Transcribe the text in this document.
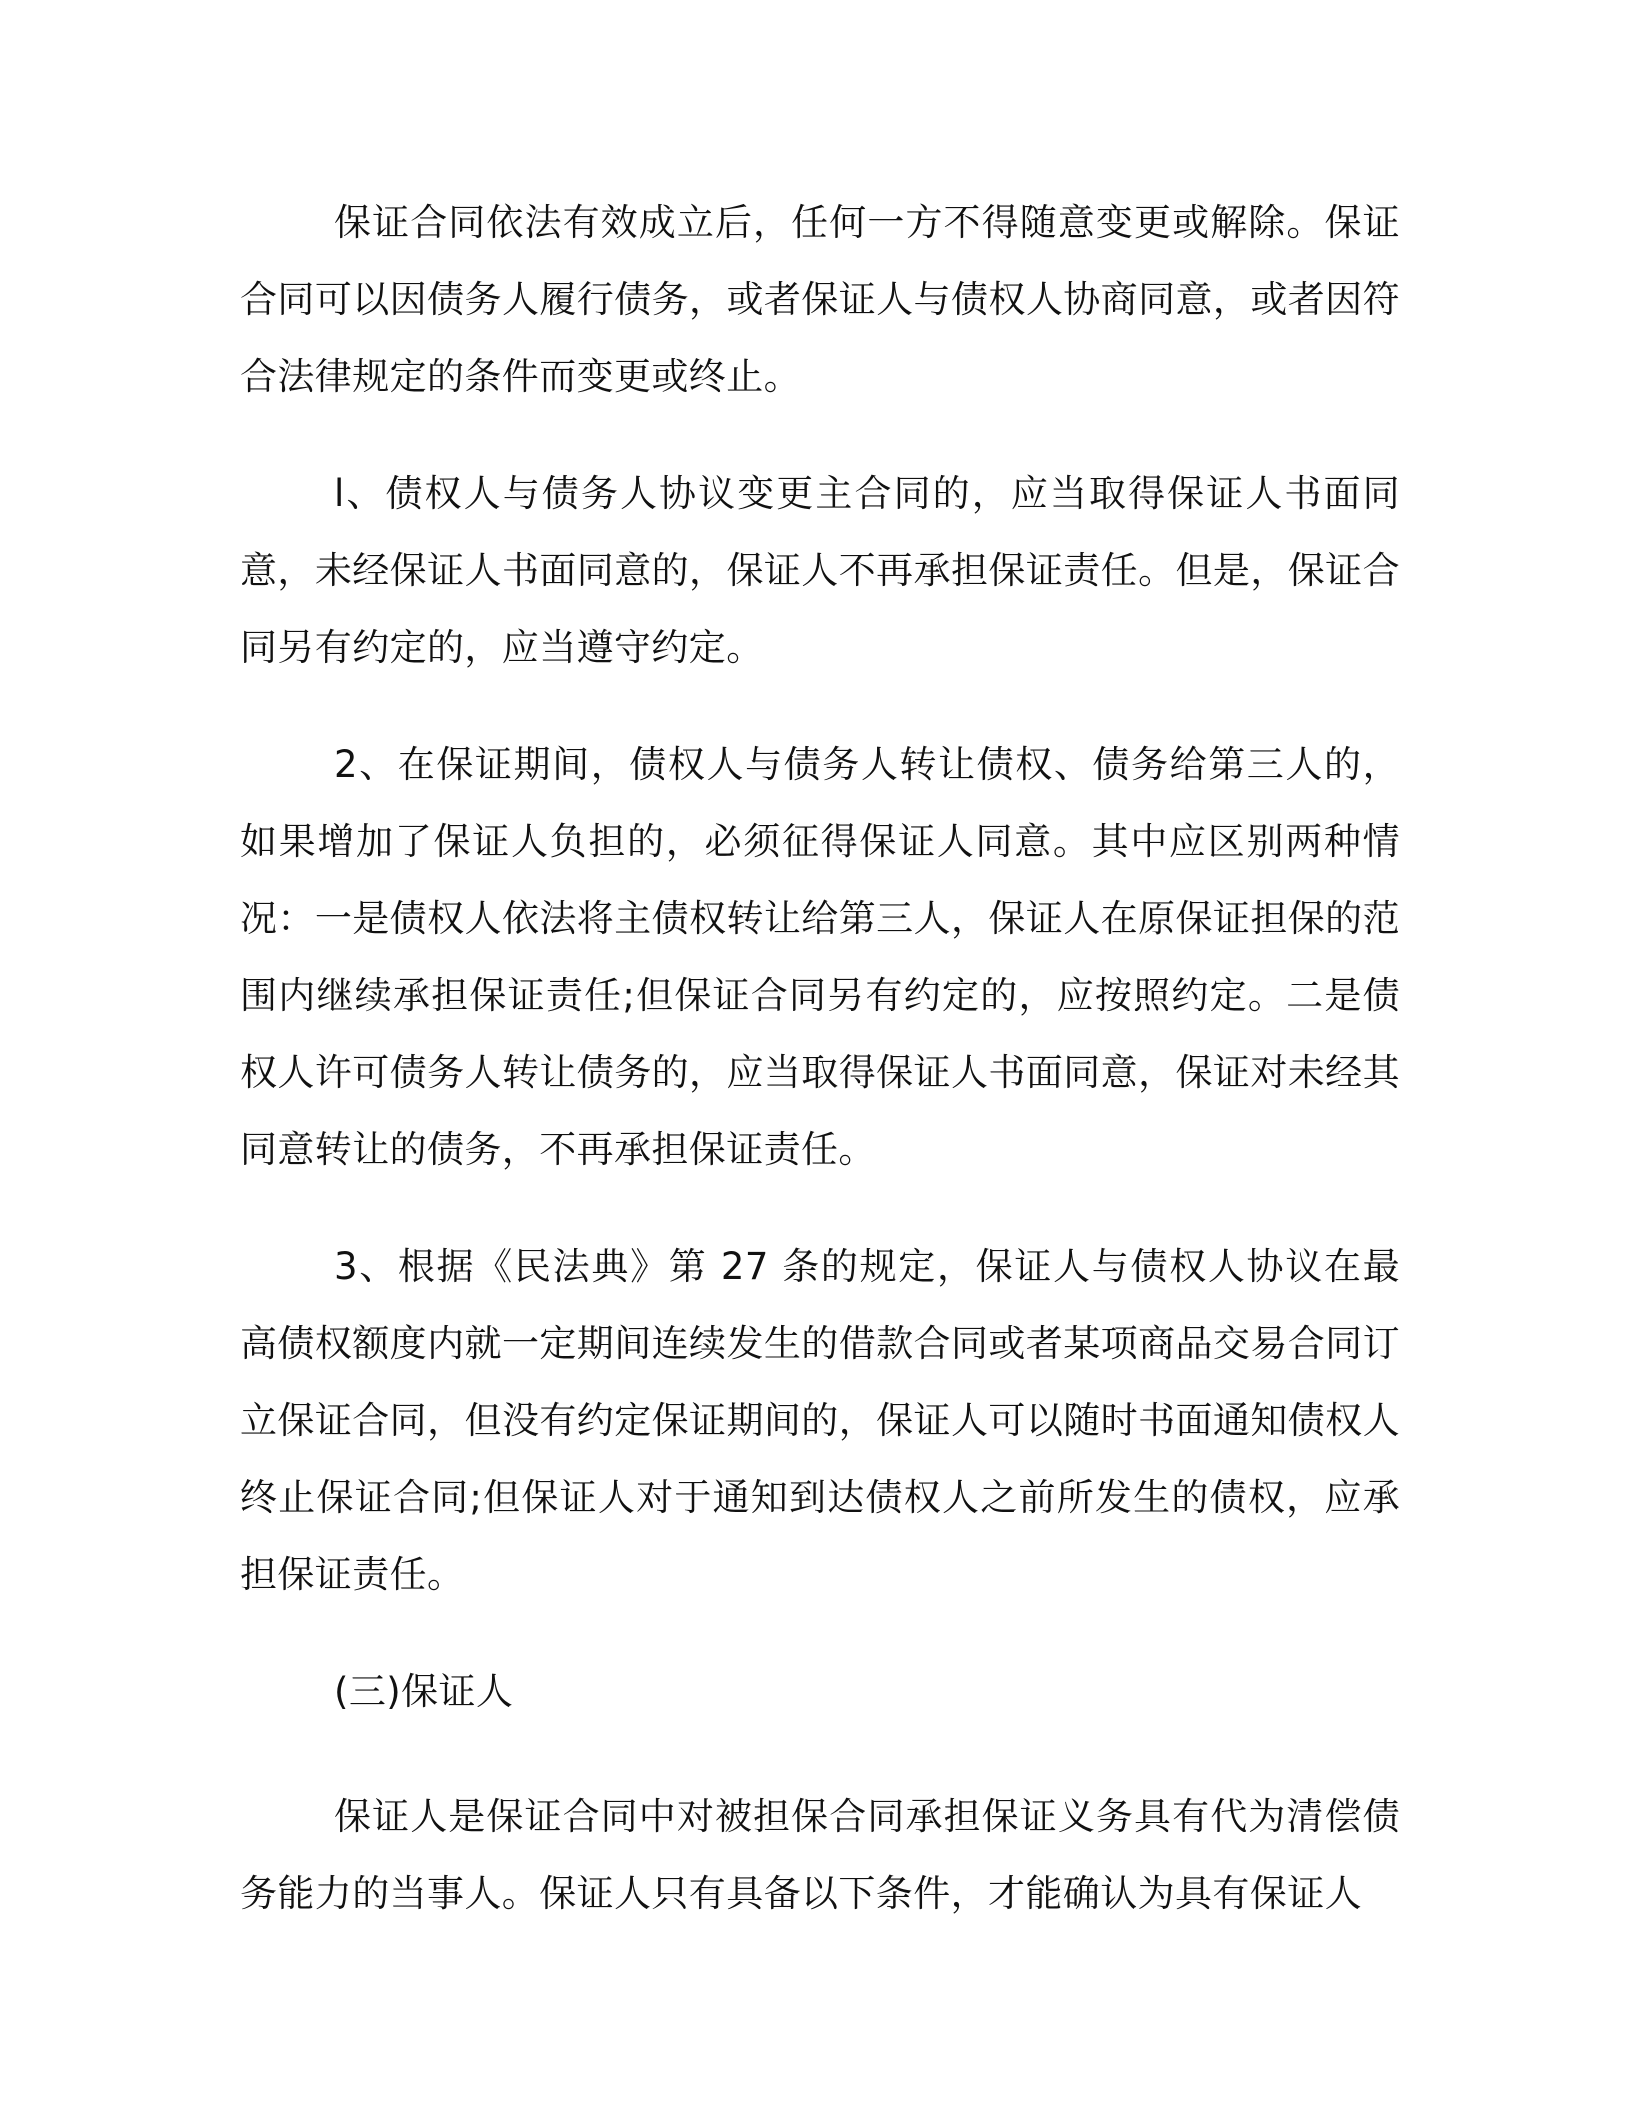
保证合同依法有效成立后，任何一方不得随意变更或解除。保证合同可以因债务人履行债务，或者保证人与债权人协商同意，或者因符合法律规定的条件而变更或终止。

l、债权人与债务人协议变更主合同的，应当取得保证人书面同意，未经保证人书面同意的，保证人不再承担保证责任。但是，保证合同另有约定的，应当遵守约定。

2、在保证期间，债权人与债务人转让债权、债务给第三人的，如果增加了保证人负担的，必须征得保证人同意。其中应区别两种情况：一是债权人依法将主债权转让给第三人，保证人在原保证担保的范围内继续承担保证责任;但保证合同另有约定的，应按照约定。二是债权人许可债务人转让债务的，应当取得保证人书面同意，保证对未经其同意转让的债务，不再承担保证责任。

3、根据《民法典》第 27 条的规定，保证人与债权人协议在最高债权额度内就一定期间连续发生的借款合同或者某项商品交易合同订立保证合同，但没有约定保证期间的，保证人可以随时书面通知债权人终止保证合同;但保证人对于通知到达债权人之前所发生的债权，应承担保证责任。

(三)保证人

保证人是保证合同中对被担保合同承担保证义务具有代为清偿债务能力的当事人。保证人只有具备以下条件，才能确认为具有保证人
